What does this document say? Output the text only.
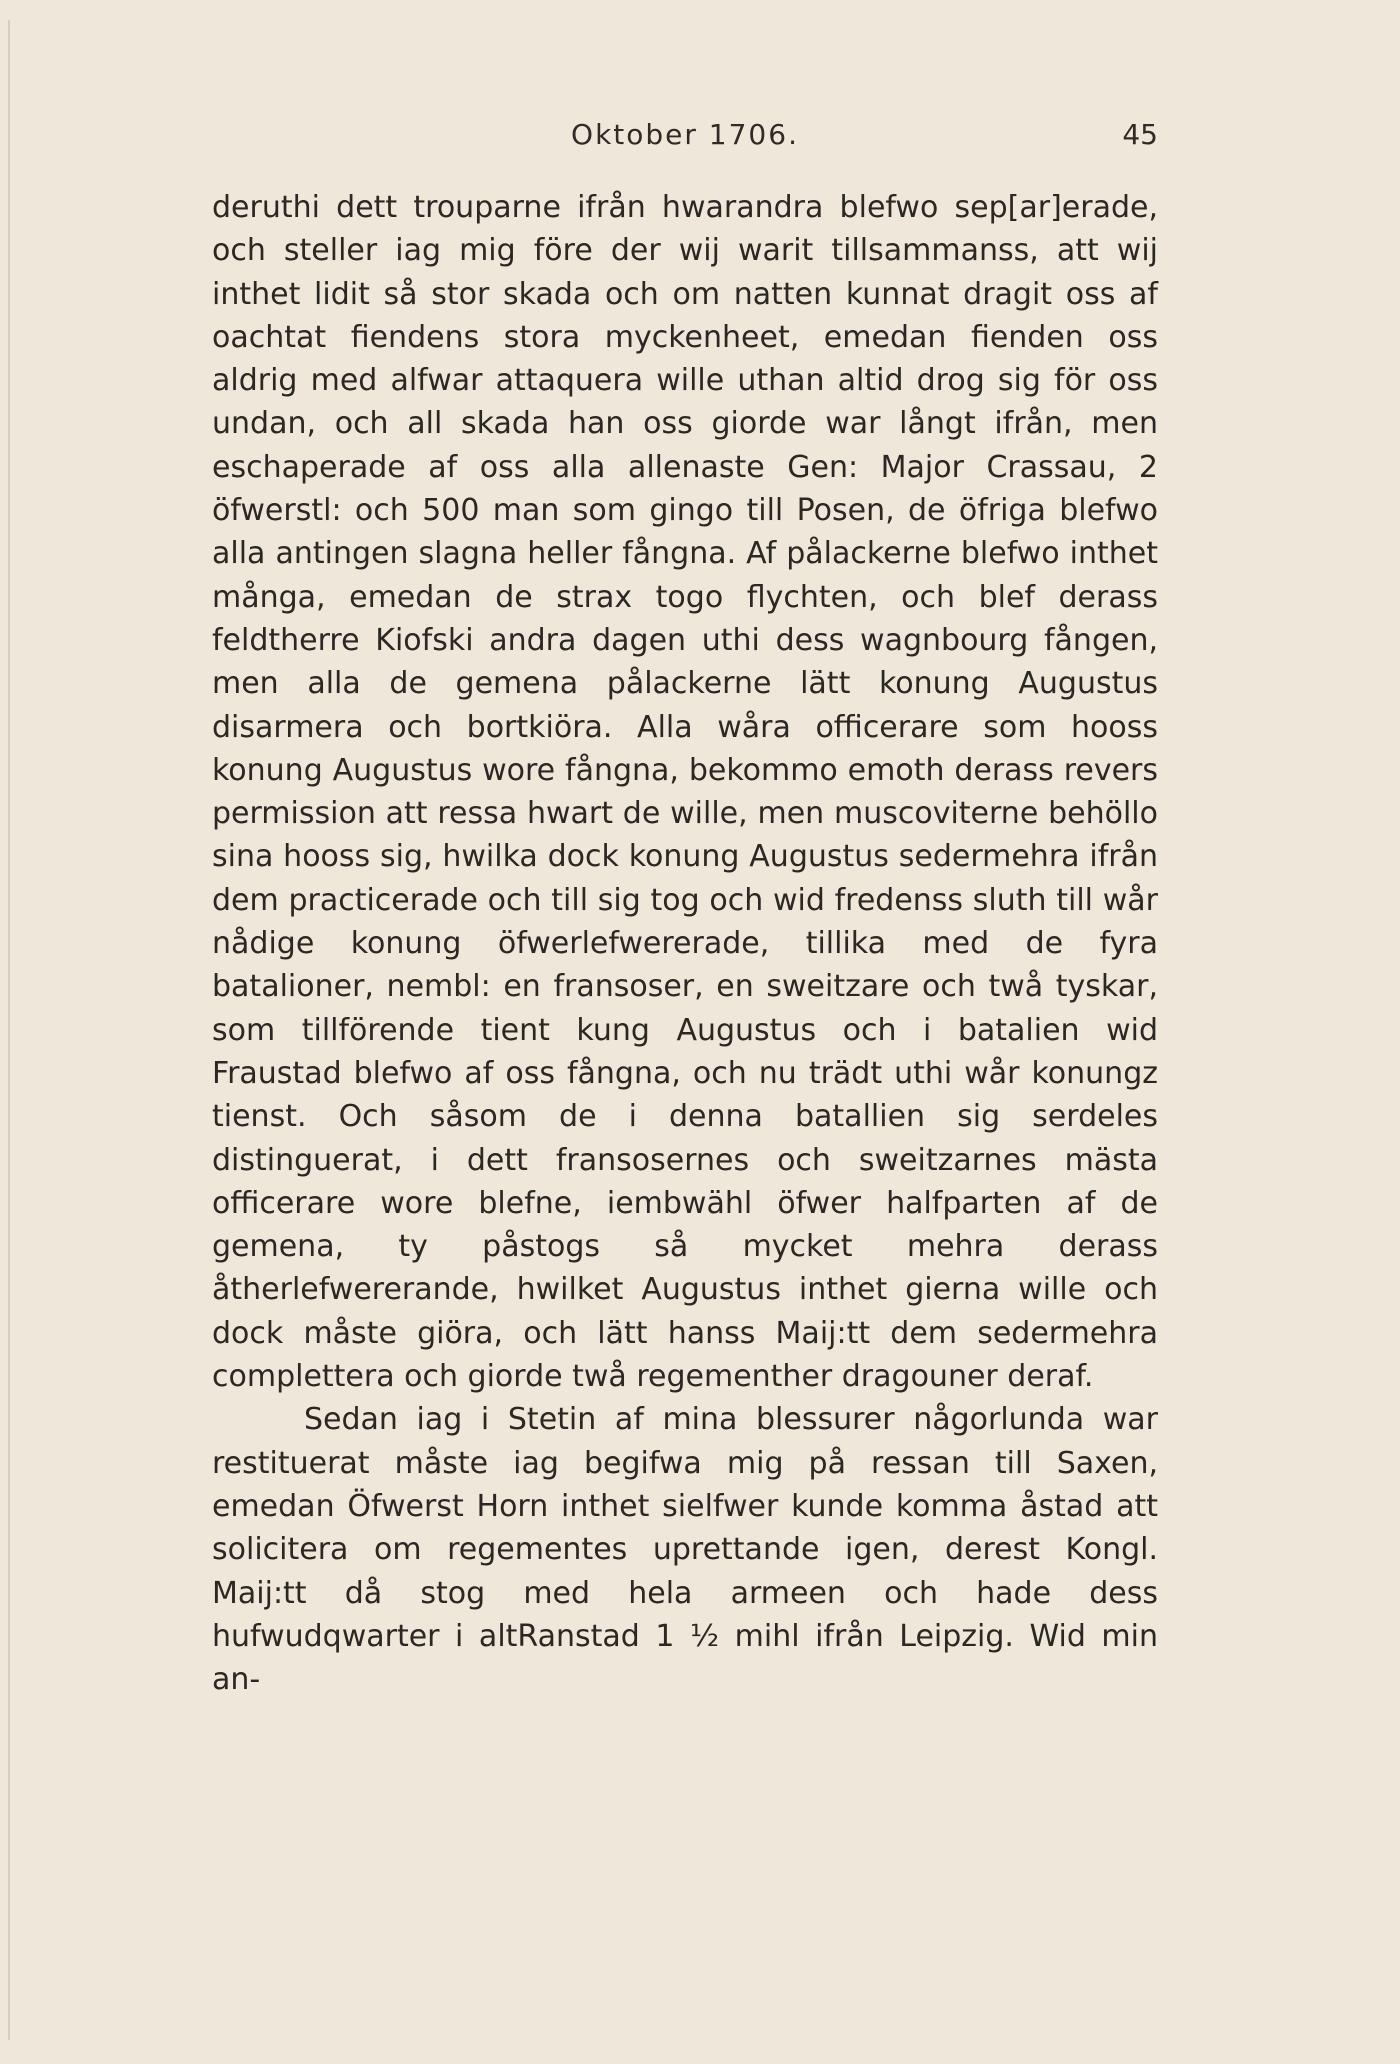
Oktober 1706.	45

deruthi dett trouparne ifrån hwarandra blefwo sep[ar]erade, och steller iag mig före der wij warit tillsammanss, att wij inthet lidit så stor skada och om natten kunnat dragit oss af oachtat fiendens stora myckenheet, emedan fienden oss aldrig med alfwar attaquera wille uthan altid drog sig för oss undan, och all skada han oss giorde war långt ifrån, men eschaperade af oss alla allenaste Gen: Major Crassau, 2 öfwerstl: och 500 man som gingo till Posen, de öfriga blefwo alla antingen slagna heller fångna. Af pålackerne blefwo inthet många, emedan de strax togo flychten, och blef derass feldtherre Kiofski andra dagen uthi dess wagnbourg fången, men alla de gemena pålackerne lätt konung Augustus disarmera och bortkiöra. Alla wåra officerare som hooss konung Augustus wore fångna, bekommo emoth derass revers permission att ressa hwart de wille, men muscoviterne behöllo sina hooss sig, hwilka dock konung Augustus sedermehra ifrån dem practicerade och till sig tog och wid fredenss sluth till wår nådige konung öfwerlefwererade, tillika med de fyra batalioner, nembl: en fransoser, en sweitzare och twå tyskar, som tillförende tient kung Augustus och i batalien wid Fraustad blefwo af oss fångna, och nu trädt uthi wår konungz tienst. Och såsom de i denna batallien sig serdeles distinguerat, i dett fransosernes och sweitzarnes mästa officerare wore blefne, iembwähl öfwer halfparten af de gemena, ty påstogs så mycket mehra derass åtherlefwererande, hwilket Augustus inthet gierna wille och dock måste giöra, och lätt hanss Maij:tt dem sedermehra complettera och giorde twå regementher dragouner deraf.

Sedan iag i Stetin af mina blessurer någorlunda war restituerat måste iag begifwa mig på ressan till Saxen, emedan Öfwerst Horn inthet sielfwer kunde komma åstad att solicitera om regementes uprettande igen, derest Kongl. Maij:tt då stog med hela armeen och hade dess hufwudqwarter i altRanstad 1 ½ mihl ifrån Leipzig. Wid min an-
